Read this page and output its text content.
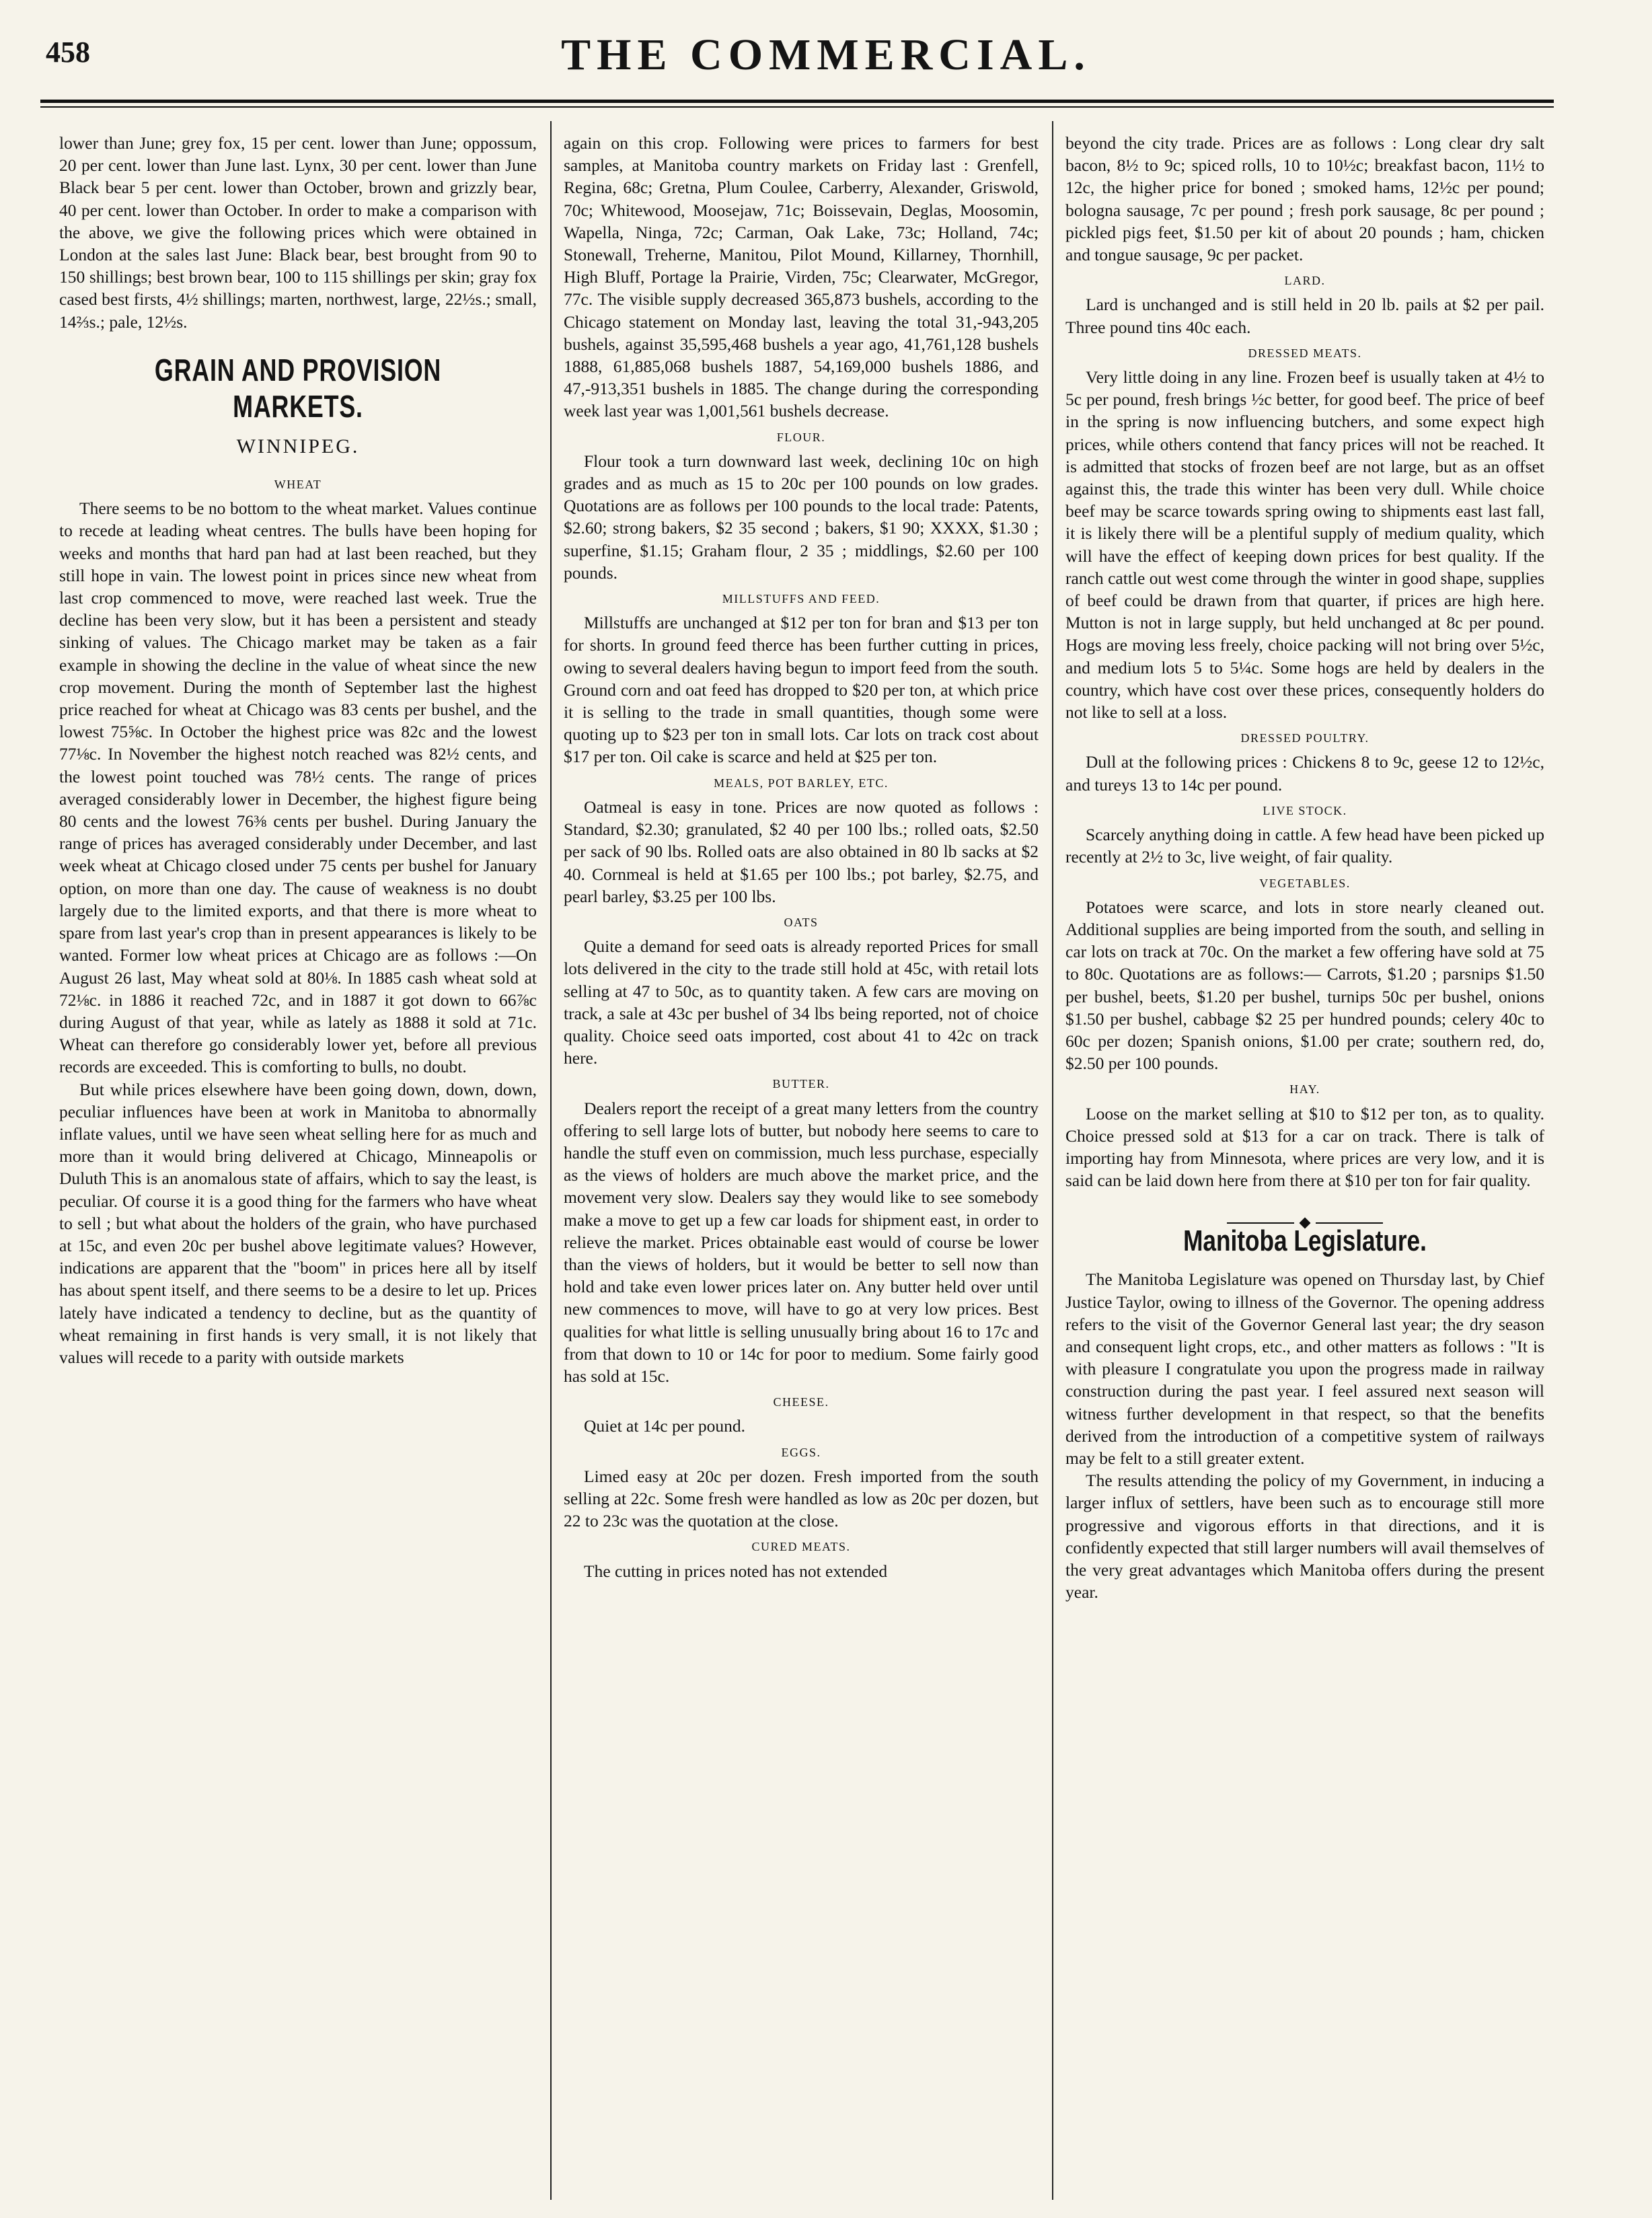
458	THE COMMERCIAL.

lower than June; grey fox, 15 per cent. lower than June; oppossum, 20 per cent. lower than June last. Lynx, 30 per cent. lower than June Black bear 5 per cent. lower than October, brown and grizzly bear, 40 per cent. lower than October. In order to make a comparison with the above, we give the following prices which were obtained in London at the sales last June: Black bear, best brought from 90 to 150 shillings; best brown bear, 100 to 115 shillings per skin; gray fox cased best firsts, 4½ shillings; marten, northwest, large, 22½s.; small, 14⅔s.; pale, 12½s.

GRAIN AND PROVISION MARKETS.
WINNIPEG.
WHEAT

There seems to be no bottom to the wheat market. Values continue to recede at leading wheat centres. The bulls have been hoping for weeks and months that hard pan had at last been reached, but they still hope in vain. The lowest point in prices since new wheat from last crop commenced to move, were reached last week. True the decline has been very slow, but it has been a persistent and steady sinking of values. The Chicago market may be taken as a fair example in showing the decline in the value of wheat since the new crop movement. During the month of September last the highest price reached for wheat at Chicago was 83 cents per bushel, and the lowest 75⅝c. In October the highest price was 82c and the lowest 77⅛c. In November the highest notch reached was 82½ cents, and the lowest point touched was 78½ cents. The range of prices averaged considerably lower in December, the highest figure being 80 cents and the lowest 76⅜ cents per bushel. During January the range of prices has averaged considerably under December, and last week wheat at Chicago closed under 75 cents per bushel for January option, on more than one day. The cause of weakness is no doubt largely due to the limited exports, and that there is more wheat to spare from last year's crop than in present appearances is likely to be wanted. Former low wheat prices at Chicago are as follows :—On August 26 last, May wheat sold at 80⅛. In 1885 cash wheat sold at 72⅛c. in 1886 it reached 72c, and in 1887 it got down to 66⅞c during August of that year, while as lately as 1888 it sold at 71c. Wheat can therefore go considerably lower yet, before all previous records are exceeded. This is comforting to bulls, no doubt.

But while prices elsewhere have been going down, down, down, peculiar influences have been at work in Manitoba to abnormally inflate values, until we have seen wheat selling here for as much and more than it would bring delivered at Chicago, Minneapolis or Duluth This is an anomalous state of affairs, which to say the least, is peculiar. Of course it is a good thing for the farmers who have wheat to sell ; but what about the holders of the grain, who have purchased at 15c, and even 20c per bushel above legitimate values? However, indications are apparent that the "boom" in prices here all by itself has about spent itself, and there seems to be a desire to let up. Prices lately have indicated a tendency to decline, but as the quantity of wheat remaining in first hands is very small, it is not likely that values will recede to a parity with outside markets

again on this crop. Following were prices to farmers for best samples, at Manitoba country markets on Friday last : Grenfell, Regina, 68c; Gretna, Plum Coulee, Carberry, Alexander, Griswold, 70c; Whitewood, Moosejaw, 71c; Boissevain, Deglas, Moosomin, Wapella, Ninga, 72c; Carman, Oak Lake, 73c; Holland, 74c; Stonewall, Treherne, Manitou, Pilot Mound, Killarney, Thornhill, High Bluff, Portage la Prairie, Virden, 75c; Clearwater, McGregor, 77c. The visible supply decreased 365,873 bushels, according to the Chicago statement on Monday last, leaving the total 31,-943,205 bushels, against 35,595,468 bushels a year ago, 41,761,128 bushels 1888, 61,885,068 bushels 1887, 54,169,000 bushels 1886, and 47,-913,351 bushels in 1885. The change during the corresponding week last year was 1,001,561 bushels decrease.

FLOUR.

Flour took a turn downward last week, declining 10c on high grades and as much as 15 to 20c per 100 pounds on low grades. Quotations are as follows per 100 pounds to the local trade: Patents, $2.60; strong bakers, $2 35 second ; bakers, $1 90; XXXX, $1.30 ; superfine, $1.15; Graham flour, 2 35 ; middlings, $2.60 per 100 pounds.

MILLSTUFFS AND FEED.

Millstuffs are unchanged at $12 per ton for bran and $13 per ton for shorts. In ground feed therce has been further cutting in prices, owing to several dealers having begun to import feed from the south. Ground corn and oat feed has dropped to $20 per ton, at which price it is selling to the trade in small quantities, though some were quoting up to $23 per ton in small lots. Car lots on track cost about $17 per ton. Oil cake is scarce and held at $25 per ton.

MEALS, POT BARLEY, ETC.

Oatmeal is easy in tone. Prices are now quoted as follows : Standard, $2.30; granulated, $2 40 per 100 lbs.; rolled oats, $2.50 per sack of 90 lbs. Rolled oats are also obtained in 80 lb sacks at $2 40. Cornmeal is held at $1.65 per 100 lbs.; pot barley, $2.75, and pearl barley, $3.25 per 100 lbs.

OATS

Quite a demand for seed oats is already reported Prices for small lots delivered in the city to the trade still hold at 45c, with retail lots selling at 47 to 50c, as to quantity taken. A few cars are moving on track, a sale at 43c per bushel of 34 lbs being reported, not of choice quality. Choice seed oats imported, cost about 41 to 42c on track here.

BUTTER.

Dealers report the receipt of a great many letters from the country offering to sell large lots of butter, but nobody here seems to care to handle the stuff even on commission, much less purchase, especially as the views of holders are much above the market price, and the movement very slow. Dealers say they would like to see somebody make a move to get up a few car loads for shipment east, in order to relieve the market. Prices obtainable east would of course be lower than the views of holders, but it would be better to sell now than hold and take even lower prices later on. Any butter held over until new commences to move, will have to go at very low prices. Best qualities for what little is selling unusually bring about 16 to 17c and from that down to 10 or 14c for poor to medium. Some fairly good has sold at 15c.

CHEESE.

Quiet at 14c per pound.

EGGS.

Limed easy at 20c per dozen. Fresh imported from the south selling at 22c. Some fresh were handled as low as 20c per dozen, but 22 to 23c was the quotation at the close.

CURED MEATS.

The cutting in prices noted has not extended

beyond the city trade. Prices are as follows : Long clear dry salt bacon, 8½ to 9c; spiced rolls, 10 to 10½c; breakfast bacon, 11½ to 12c, the higher price for boned ; smoked hams, 12½c per pound; bologna sausage, 7c per pound ; fresh pork sausage, 8c per pound ; pickled pigs feet, $1.50 per kit of about 20 pounds ; ham, chicken and tongue sausage, 9c per packet.

LARD.

Lard is unchanged and is still held in 20 lb. pails at $2 per pail. Three pound tins 40c each.

DRESSED MEATS.

Very little doing in any line. Frozen beef is usually taken at 4½ to 5c per pound, fresh brings ½c better, for good beef. The price of beef in the spring is now influencing butchers, and some expect high prices, while others contend that fancy prices will not be reached. It is admitted that stocks of frozen beef are not large, but as an offset against this, the trade this winter has been very dull. While choice beef may be scarce towards spring owing to shipments east last fall, it is likely there will be a plentiful supply of medium quality, which will have the effect of keeping down prices for best quality. If the ranch cattle out west come through the winter in good shape, supplies of beef could be drawn from that quarter, if prices are high here. Mutton is not in large supply, but held unchanged at 8c per pound. Hogs are moving less freely, choice packing will not bring over 5½c, and medium lots 5 to 5¼c. Some hogs are held by dealers in the country, which have cost over these prices, consequently holders do not like to sell at a loss.

DRESSED POULTRY.

Dull at the following prices : Chickens 8 to 9c, geese 12 to 12½c, and tureys 13 to 14c per pound.

LIVE STOCK.

Scarcely anything doing in cattle. A few head have been picked up recently at 2½ to 3c, live weight, of fair quality.

VEGETABLES.

Potatoes were scarce, and lots in store nearly cleaned out. Additional supplies are being imported from the south, and selling in car lots on track at 70c. On the market a few offering have sold at 75 to 80c. Quotations are as follows:— Carrots, $1.20 ; parsnips $1.50 per bushel, beets, $1.20 per bushel, turnips 50c per bushel, onions $1.50 per bushel, cabbage $2 25 per hundred pounds; celery 40c to 60c per dozen; Spanish onions, $1.00 per crate; southern red, do, $2.50 per 100 pounds.

HAY.

Loose on the market selling at $10 to $12 per ton, as to quality. Choice pressed sold at $13 for a car on track. There is talk of importing hay from Minnesota, where prices are very low, and it is said can be laid down here from there at $10 per ton for fair quality.

Manitoba Legislature.

The Manitoba Legislature was opened on Thursday last, by Chief Justice Taylor, owing to illness of the Governor. The opening address refers to the visit of the Governor General last year; the dry season and consequent light crops, etc., and other matters as follows : "It is with pleasure I congratulate you upon the progress made in railway construction during the past year. I feel assured next season will witness further development in that respect, so that the benefits derived from the introduction of a competitive system of railways may be felt to a still greater extent.

The results attending the policy of my Government, in inducing a larger influx of settlers, have been such as to encourage still more progressive and vigorous efforts in that directions, and it is confidently expected that still larger numbers will avail themselves of the very great advantages which Manitoba offers during the present year.
